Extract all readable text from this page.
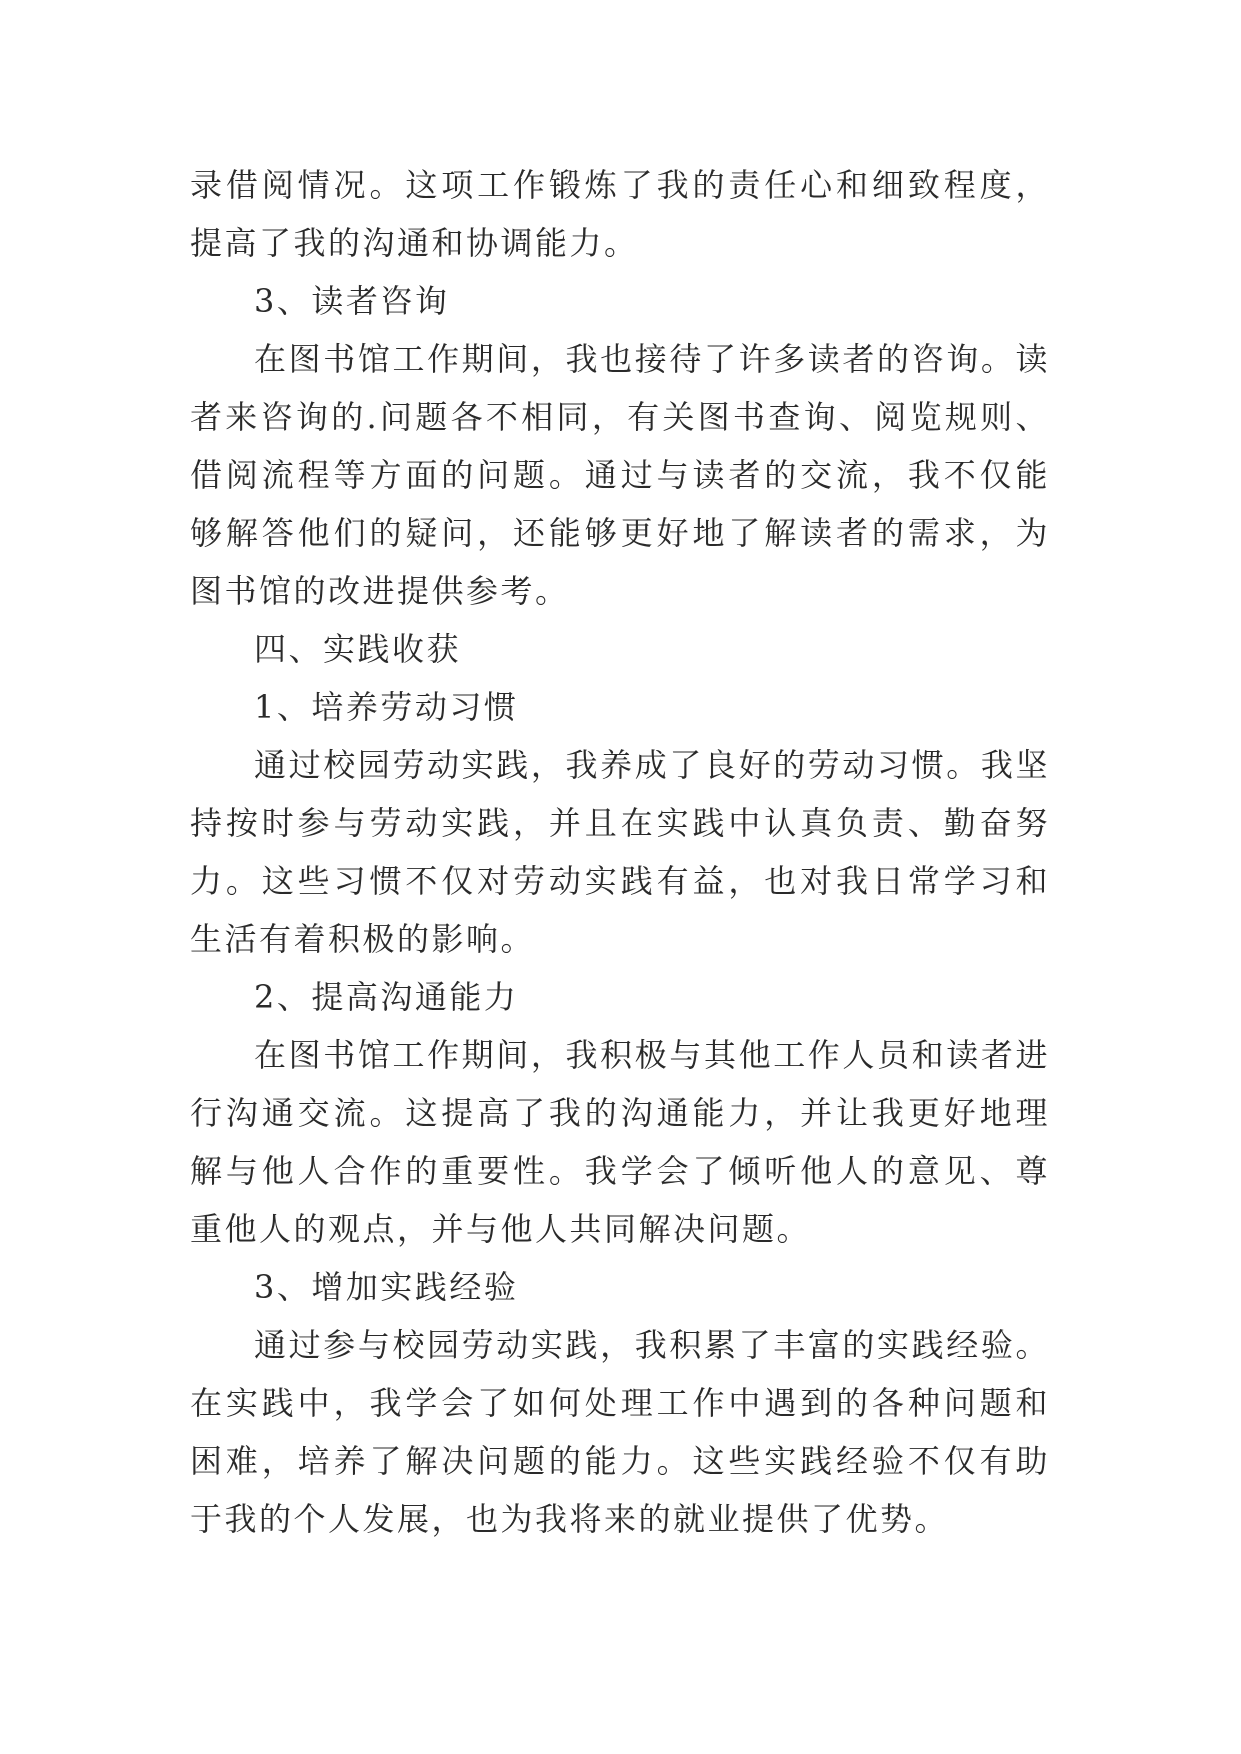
录借阅情况。这项工作锻炼了我的责任心和细致程度，提高了我的沟通和协调能力。

3、读者咨询

在图书馆工作期间，我也接待了许多读者的咨询。读者来咨询的.问题各不相同，有关图书查询、阅览规则、借阅流程等方面的问题。通过与读者的交流，我不仅能够解答他们的疑问，还能够更好地了解读者的需求，为图书馆的改进提供参考。

四、实践收获

1、培养劳动习惯

通过校园劳动实践，我养成了良好的劳动习惯。我坚持按时参与劳动实践，并且在实践中认真负责、勤奋努力。这些习惯不仅对劳动实践有益，也对我日常学习和生活有着积极的影响。

2、提高沟通能力

在图书馆工作期间，我积极与其他工作人员和读者进行沟通交流。这提高了我的沟通能力，并让我更好地理解与他人合作的重要性。我学会了倾听他人的意见、尊重他人的观点，并与他人共同解决问题。

3、增加实践经验

通过参与校园劳动实践，我积累了丰富的实践经验。在实践中，我学会了如何处理工作中遇到的各种问题和困难，培养了解决问题的能力。这些实践经验不仅有助于我的个人发展，也为我将来的就业提供了优势。
